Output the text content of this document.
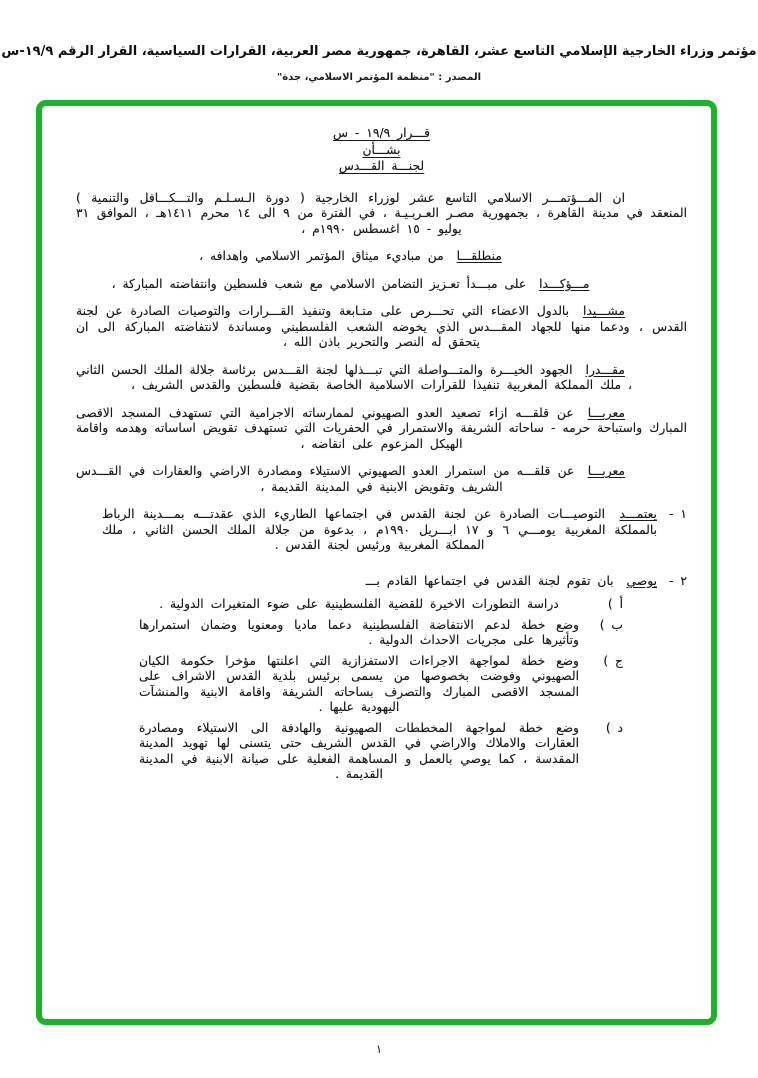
مؤتمر وزراء الخارجية الإسلامي التاسع عشر، القاهرة، جمهورية مصر العربية، القرارات السياسية، القرار الرقم ١٩/٩-س
المصدر : "منظمة المؤتمر الاسلامي، جدة"
قـــرار ١٩/٩ - س
بشـــأن
لجنـــة القـــدس

ان المـــؤتمـــر الاسلامي التاسع عشر لوزراء الخارجية ( دورة الـسـلـم والتـــكـــافل والتنمية ) المنعقد في مدينة القاهرة ، بجمهورية مصـر العـربـيـة ، في الفترة من ٩ الى ١٤ محرم ١٤١١هـ ، الموافق ٣١ يوليو - ١٥ اغسطس ١٩٩٠م ،

منطلقـــا من مباديء ميثاق المؤتمر الاسلامي واهدافه ،

مـــؤكـــدا على مبـــدأ تعـزيز التضامن الاسلامي مع شعب فلسطين وانتفاضته المباركة ،

مشـــيدا بالدول الاعضاء التي تحـــرص على متـابعة وتنفيذ القـــرارات والتوصيات الصادرة عن لجنة القدس ، ودعما منها للجهاد المقـــدس الذي يخوضه الشعب الفلسطيني ومساندة لانتفاضته المباركة الى ان يتحقق له النصر والتحرير باذن الله ،

مقـــدرا الجهود الخيـــرة والمتـــواصلة التي تبـــذلها لجنة القـــدس برئاسة جلالة الملك الحسن الثاني ، ملك المملكة المغربية تنفيذا للقرارات الاسلامية الخاصة بقضية فلسطين والقدس الشريف ،

معربـــا عن قلقـــه ازاء تصعيد العدو الصهيوني لممارساته الاجرامية التي تستهدف المسجد الاقصى المبارك واستباحة حرمه - ساحاته الشريفة والاستمرار في الحفريات التي تستهدف تقويض اساساته وهدمه واقامة الهيكل المزعوم على انقاضه ،

معربـــا عن قلقـــه من استمرار العدو الصهيوني الاستيلاء ومصادرة الاراضي والعقارات في القـــدس الشريف وتقويض الابنية في المدينة القديمة ،

١ -

يعتمـــد التوصيـــات الصادرة عن لجنة القدس في اجتماعها الطاريء الذي عقدتـــه بمـــدينة الرباط بالمملكة المغربية يومـــي ٦ و ١٧ ابـــريل ١٩٩٠م ، بدعوة من جلالة الملك الحسن الثاني ، ملك المملكة المغربية ورئيس لجنة القدس .

٢ -

يوصي بان تقوم لجنة القدس في اجتماعها القادم بـــ

أ )

دراسة التطورات الاخيرة للقضية الفلسطينية على ضوء المتغيرات الدولية .

ب )

وضع خطة لدعم الانتفاضة الفلسطينية دعما ماديا ومعنويا وضمان استمرارها وتأثيرها على مجريات الاحداث الدولية .

ج )

وضع خطة لمواجهة الاجراءات الاستفزازية التي اعلنتها مؤخرا حكومة الكيان الصهيوني وفوضت بخصوصها من يسمى برئيس بلدية القدس الاشراف على المسجد الاقصى المبارك والتصرف بساحاته الشريفة واقامة الابنية والمنشآت اليهودية عليها .

د )

وضع خطة لمواجهة المخططات الصهيونية والهادفة الى الاستيلاء ومصادرة العقارات والاملاك والاراضي في القدس الشريف حتى يتسنى لها تهويد المدينة المقدسة ، كما يوصي بالعمل و المساهمة الفعلية على صيانة الابنية في المدينة القديمة .

١
